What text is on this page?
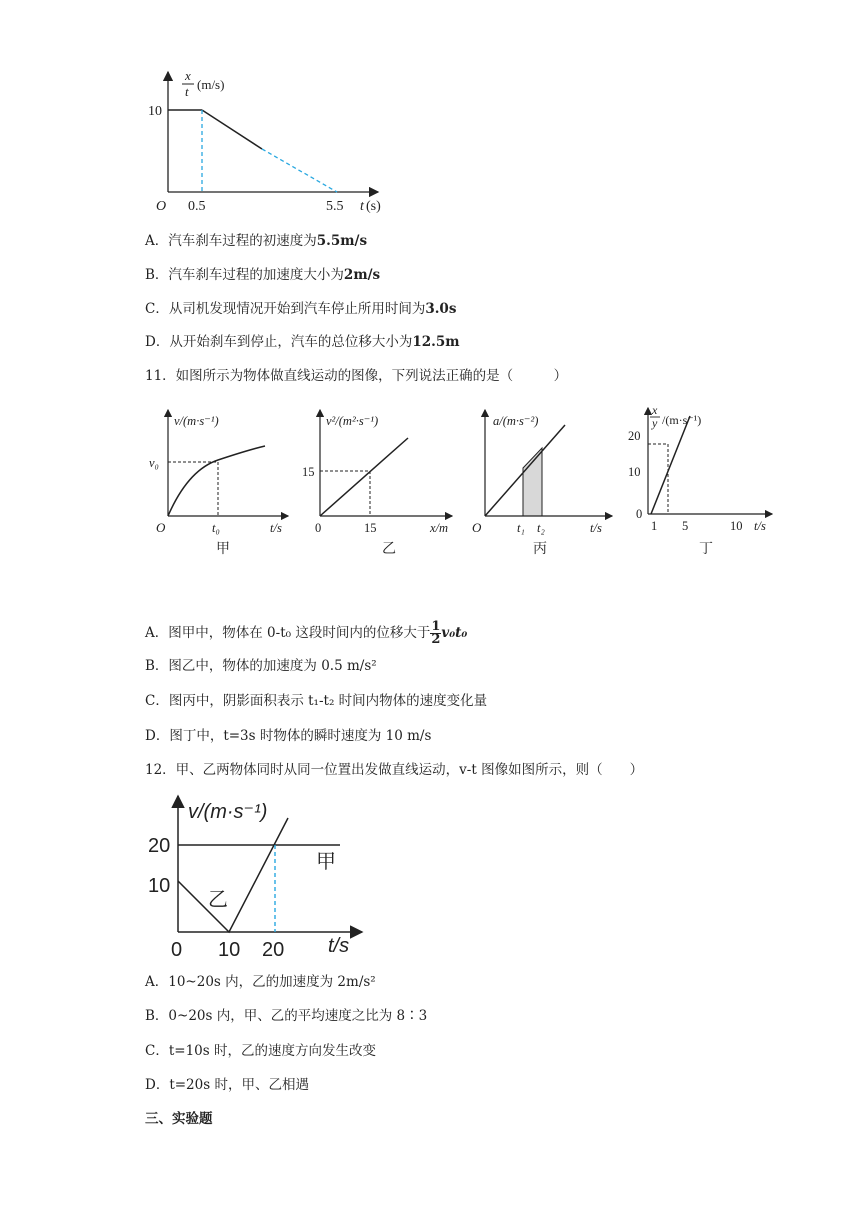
x
t (m/s)
10
O 0.5	5.5 t (s)
A．汽车刹车过程的初速度为5.5m/s
B．汽车刹车过程的加速度大小为2m/s
C．从司机发现情况开始到汽车停止所用时间为3.0s
D．从开始刹车到停止，汽车的总位移大小为12.5m
11．如图所示为物体做直线运动的图像，下列说法正确的是（　　　）
v/(m·s⁻¹)
v₀
O	t₀	t/s
甲
v²/(m²·s⁻¹)
15
0	15	x/m
乙
a/(m·s⁻²)
O	t₁ t₂	t/s
丙
x
y /(m·s⁻¹)
20
10
0
1 5	10 t/s
丁
A．图甲中，物体在 0-t₀ 这段时间内的位移大于 $\frac{1}{2} v_0t_0$
B．图乙中，物体的加速度为 0.5 m/s²
C．图丙中，阴影面积表示 t₁-t₂ 时间内物体的速度变化量
D．图丁中，t=3s 时物体的瞬时速度为 10 m/s
12．甲、乙两物体同时从同一位置出发做直线运动，v-t 图像如图所示，则（　　）
v/(m·s⁻¹)
20
10
0 10 20 t/s
甲
乙
A．10~20s 内，乙的加速度为 2m/s²
B．0~20s 内，甲、乙的平均速度之比为 8∶3
C．t=10s 时，乙的速度方向发生改变
D．t=20s 时，甲、乙相遇
三、实验题
